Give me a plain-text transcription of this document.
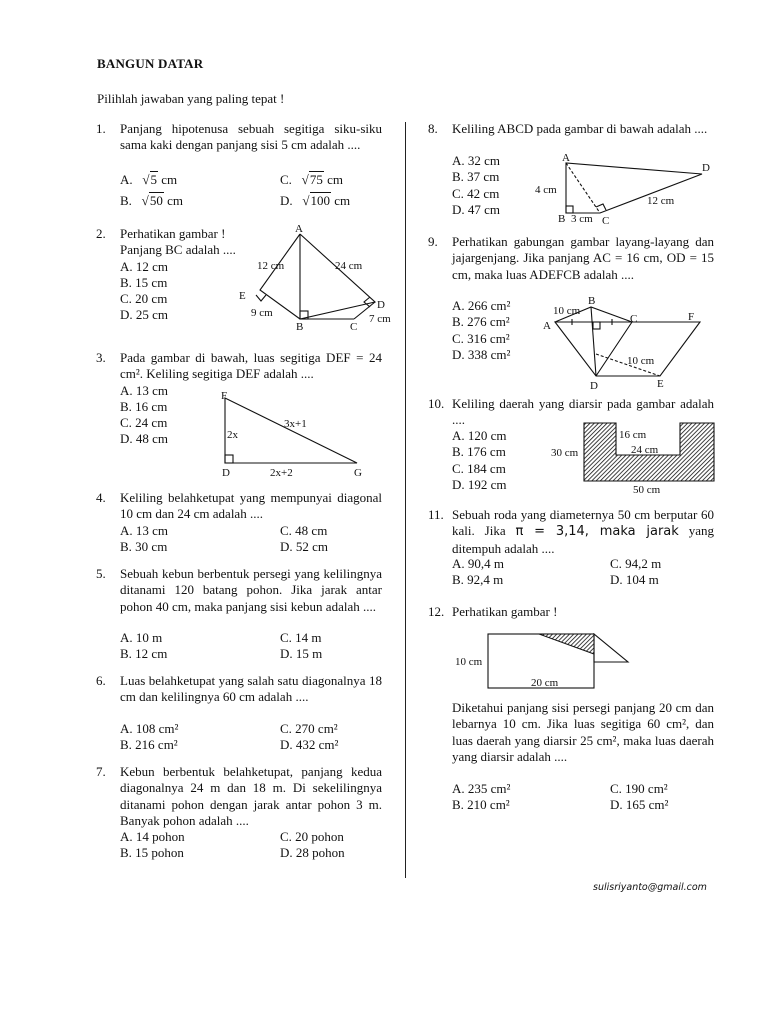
BANGUN DATAR
Pilihlah jawaban yang paling tepat !
1. Panjang hipotenusa sebuah segitiga siku-siku sama kaki dengan panjang sisi 5 cm adalah ....
A. √5 cm	C. √75 cm
B. √50 cm	D. √100 cm
2. Perhatikan gambar !
Panjang BC adalah ....
A. 12 cm
B. 15 cm
C. 20 cm
D. 25 cm
A
E
B	C
D
12 cm	24 cm
9 cm	7 cm
3. Pada gambar di bawah, luas segitiga DEF = 24 cm². Keliling segitiga DEF adalah ....
A. 13 cm
B. 16 cm
C. 24 cm
D. 48 cm
F
D	G
2x
3x+1
2x+2
4. Keliling belahketupat yang mempunyai diagonal 10 cm dan 24 cm adalah ....
A. 13 cm	C. 48 cm
B. 30 cm	D. 52 cm
5. Sebuah kebun berbentuk persegi yang kelilingnya ditanami 120 batang pohon. Jika jarak antar pohon 40 cm, maka panjang sisi kebun adalah ....
A. 10 m	C. 14 m
B. 12 cm	D. 15 m
6. Luas belahketupat yang salah satu diagonalnya 18 cm dan kelilingnya 60 cm adalah ....
A. 108 cm²	C. 270 cm²
B. 216 cm²	D. 432 cm²
7. Kebun berbentuk belahketupat, panjang kedua diagonalnya 24 m dan 18 m. Di sekelilingnya ditanami pohon dengan jarak antar pohon 3 m. Banyak pohon adalah ....
A. 14 pohon	C. 20 pohon
B. 15 pohon	D. 28 pohon
8. Keliling ABCD pada gambar di bawah adalah ....
A. 32 cm
B. 37 cm
C. 42 cm
D. 47 cm
A
D
B	C
4 cm
3 cm
12 cm
9. Perhatikan gabungan gambar layang-layang dan jajargenjang. Jika panjang AC = 16 cm, OD = 15 cm, maka luas ADEFCB adalah ....
A. 266 cm²
B. 276 cm²
C. 316 cm²
D. 338 cm²
A
B
C	F
D	E
10 cm
10 cm
10. Keliling daerah yang diarsir pada gambar adalah ....
A. 120 cm
B. 176 cm
C. 184 cm
D. 192 cm
30 cm
16 cm
24 cm
50 cm
11. Sebuah roda yang diameternya 50 cm berputar 60 kali. Jika π = 3,14, maka jarak yang ditempuh adalah ....
A. 90,4 m	C. 94,2 m
B. 92,4 m	D. 104 m
12. Perhatikan gambar !
10 cm
20 cm
Diketahui panjang sisi persegi panjang 20 cm dan lebarnya 10 cm. Jika luas segitiga 60 cm², dan luas daerah yang diarsir 25 cm², maka luas daerah yang diarsir adalah ....
A. 235 cm²	C. 190 cm²
B. 210 cm²	D. 165 cm²
sulisriyanto@gmail.com
